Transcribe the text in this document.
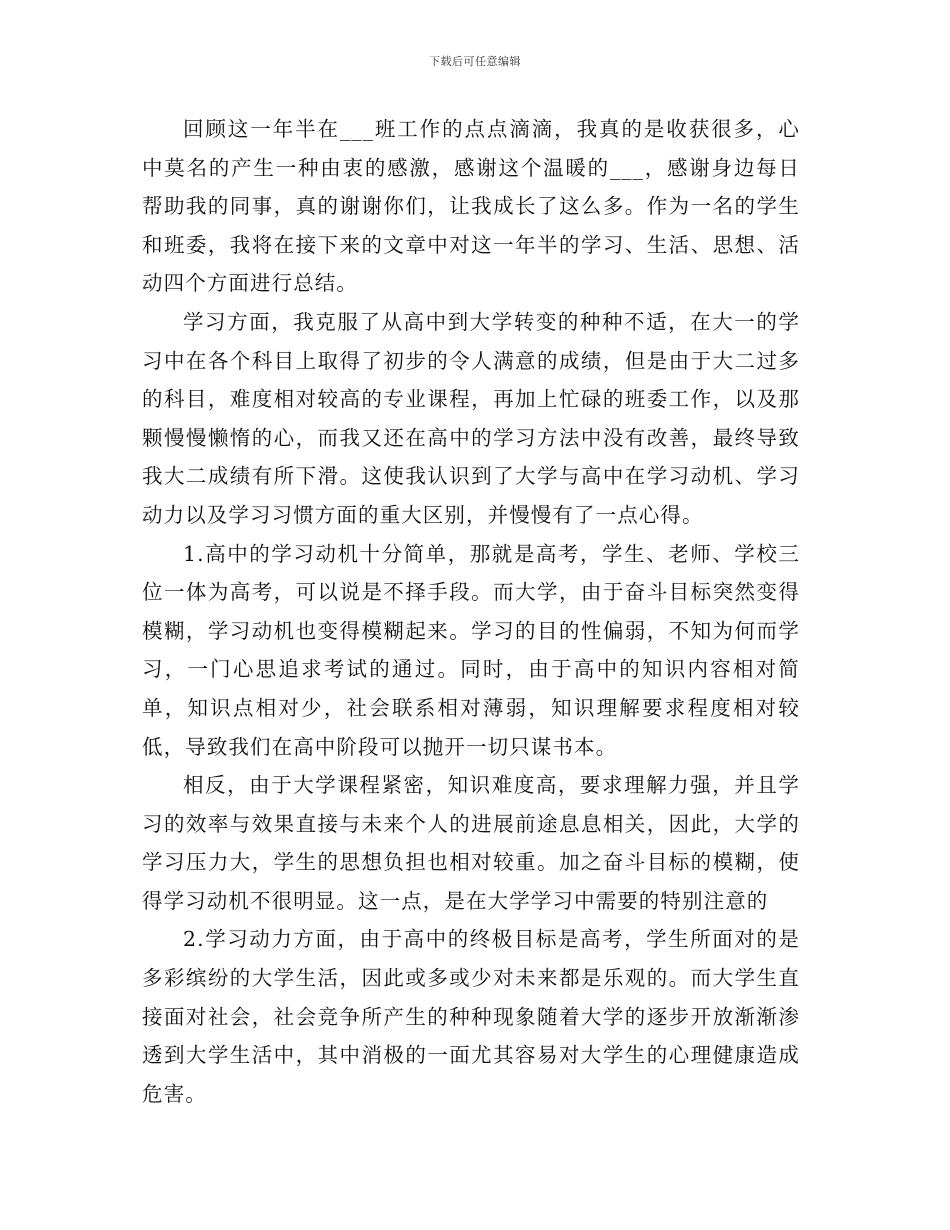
下载后可任意编辑

回顾这一年半在___班工作的点点滴滴，我真的是收获很多，心中莫名的产生一种由衷的感激，感谢这个温暖的___，感谢身边每日帮助我的同事，真的谢谢你们，让我成长了这么多。作为一名的学生和班委，我将在接下来的文章中对这一年半的学习、生活、思想、活动四个方面进行总结。

学习方面，我克服了从高中到大学转变的种种不适，在大一的学习中在各个科目上取得了初步的令人满意的成绩，但是由于大二过多的科目，难度相对较高的专业课程，再加上忙碌的班委工作，以及那颗慢慢懒惰的心，而我又还在高中的学习方法中没有改善，最终导致我大二成绩有所下滑。这使我认识到了大学与高中在学习动机、学习动力以及学习习惯方面的重大区别，并慢慢有了一点心得。

1.高中的学习动机十分简单，那就是高考，学生、老师、学校三位一体为高考，可以说是不择手段。而大学，由于奋斗目标突然变得模糊，学习动机也变得模糊起来。学习的目的性偏弱，不知为何而学习，一门心思追求考试的通过。同时，由于高中的知识内容相对简单，知识点相对少，社会联系相对薄弱，知识理解要求程度相对较低，导致我们在高中阶段可以抛开一切只谋书本。

相反，由于大学课程紧密，知识难度高，要求理解力强，并且学习的效率与效果直接与未来个人的进展前途息息相关，因此，大学的学习压力大，学生的思想负担也相对较重。加之奋斗目标的模糊，使得学习动机不很明显。这一点，是在大学学习中需要的特别注意的

2.学习动力方面，由于高中的终极目标是高考，学生所面对的是多彩缤纷的大学生活，因此或多或少对未来都是乐观的。而大学生直接面对社会，社会竞争所产生的种种现象随着大学的逐步开放渐渐渗透到大学生活中，其中消极的一面尤其容易对大学生的心理健康造成危害。
